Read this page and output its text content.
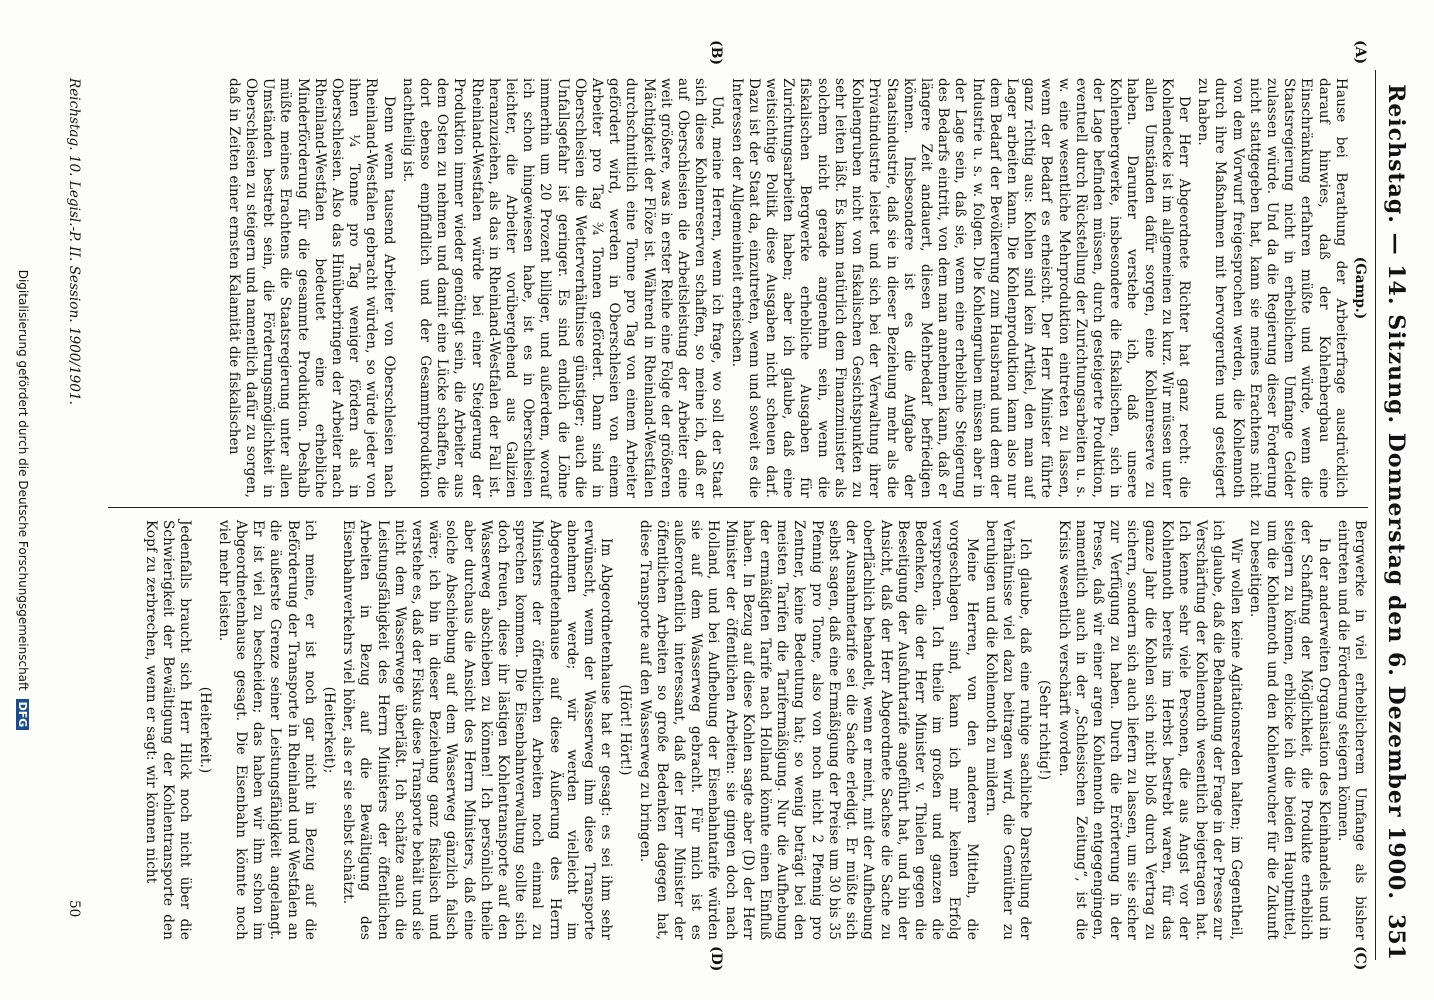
Reichstag. — 14. Sitzung. Donnerstag den 6. Dezember 1900.
351
(A)
(B)
(C)
(D)

(Gamp.)

Hause bei Berathung der Arbeiterfrage ausdrücklich darauf hinwies, daß der Kohlenbergbau eine Einschränkung erfahren müßte und würde, wenn die Staatsregierung nicht in erheblichem Umfange Gelder zulassen würde. Und da die Regierung dieser Forderung nicht stattgegeben hat, kann sie meines Erachtens nicht von dem Vorwurf freigesprochen werden, die Kohlennoth durch ihre Maßnahmen mit hervorgerufen und gesteigert zu haben.

Der Herr Abgeordnete Richter hat ganz recht: die Kohlendecke ist im allgemeinen zu kurz. Wir müssen unter allen Umständen dafür sorgen, eine Kohlenreserve zu haben. Darunter verstehe ich, daß unsere Kohlenbergwerke, insbesondere die fiskalischen, sich in der Lage befinden müssen, durch gesteigerte Produktion, eventuell durch Rückstellung der Zurichtungsarbeiten u. s. w. eine wesentliche Mehrproduktion eintreten zu lassen, wenn der Bedarf es erheischt. Der Herr Minister führte ganz richtig aus: Kohlen sind kein Artikel, den man auf Lager arbeiten kann. Die Kohlenproduktion kann also nur dem Bedarf der Bevölkerung zum Hausbrand und dem der Industrie u. s. w. folgen. Die Kohlengruben müssen aber in der Lage sein, daß sie, wenn eine erhebliche Steigerung des Bedarfs eintritt, von dem man annehmen kann, daß er längere Zeit andauert, diesen Mehrbedarf befriedigen können. Insbesondere ist es die Aufgabe der Staatsindustrie, daß sie in dieser Beziehung mehr als die Privatindustrie leistet und sich bei der Verwaltung ihrer Kohlengruben nicht von fiskalischen Gesichtspunkten zu sehr leiten läßt. Es kann natürlich dem Finanzminister als solchem nicht gerade angenehm sein, wenn die fiskalischen Bergwerke erhebliche Ausgaben für Zurichtungsarbeiten haben; aber ich glaube, daß eine weitsichtige Politik diese Ausgaben nicht scheuen darf. Dazu ist der Staat da, einzutreten, wenn und soweit es die Interessen der Allgemeinheit erheischen.

Und, meine Herren, wenn ich frage, wo soll der Staat sich diese Kohlenreserven schaffen, so meine ich, daß er auf Oberschlesien die Arbeitsleistung der Arbeiter eine weit größere, was in erster Reihe eine Folge der größeren Mächtigkeit der Flöze ist. Während in Rheinland-Westfalen durchschnittlich eine Tonne pro Tag von einem Arbeiter gefördert wird, werden in Oberschlesien von einem Arbeiter pro Tag ¾ Tonnen gefördert. Dann sind in Oberschlesien die Wetterverhältnisse günstiger; auch die Unfallsgefahr ist geringer. Es sind endlich die Löhne immerhin um 20 Prozent billiger, und außerdem, worauf ich schon hingewiesen habe, ist es in Oberschlesien leichter, die Arbeiter vorübergehend aus Galizien heranzuziehen, als das in Rheinland-Westfalen der Fall ist. Rheinland-Westfalen würde bei einer Steigerung der Produktion immer wieder genöthigt sein, die Arbeiter aus dem Osten zu nehmen und damit eine Lücke schaffen, die dort ebenso empfindlich und der Gesammtproduktion nachtheilig ist.

Denn wenn tausend Arbeiter von Oberschlesien nach Rheinland-Westfalen gebracht würden, so würde jeder von ihnen ¼ Tonne pro Tag weniger fördern als in Oberschlesien. Also das Hinüberbringen der Arbeiter nach Rheinland-Westfalen bedeutet eine erhebliche Minderförderung für die gesammte Produktion. Deshalb müßte meines Erachtens die Staatsregierung unter allen Umständen bestrebt sein, die Förderungsmöglichkeit in Oberschlesien zu steigern und namentlich dafür zu sorgen, daß in Zeiten einer ernsten Kalamität die fiskalischen

Bergwerke in viel erheblicherem Umfange als bisher eintreten und die Förderung steigern können.

In der anderweiten Organisation des Kleinhandels und in der Schaffung der Möglichkeit, die Produkte erheblich steigern zu können, erblicke ich die beiden Hauptmittel, um die Kohlennoth und den Kohlenwucher für die Zukunft zu beseitigen.

Wir wollen keine Agitationsreden halten; im Gegentheil, ich glaube, daß die Behandlung der Frage in der Presse zur Verschärfung der Kohlennoth wesentlich beigetragen hat. Ich kenne sehr viele Personen, die aus Angst vor der Kohlennoth bereits im Herbst bestrebt waren, für das ganze Jahr die Kohlen sich nicht bloß durch Vertrag zu sichern, sondern sich auch liefern zu lassen, um sie sicher zur Verfügung zu haben. Durch die Erörterung in der Presse, daß wir einer argen Kohlennoth entgegengingen, namentlich auch in der „Schlesischen Zeitung“, ist die Krisis wesentlich verschärft worden.

(Sehr richtig!)

Ich glaube, daß eine ruhige sachliche Darstellung der Verhältnisse viel dazu beitragen wird, die Gemüther zu beruhigen und die Kohlennoth zu mildern.

Meine Herren, von den anderen Mitteln, die vorgeschlagen sind, kann ich mir keinen Erfolg versprechen. Ich theile im großen und ganzen die Bedenken, die der Herr Minister v. Thielen gegen die Beseitigung der Ausfuhrtarife angeführt hat, und bin der Ansicht, daß der Herr Abgeordnete Sachse die Sache zu oberflächlich behandelt, wenn er meint, mit der Aufhebung der Ausnahmetarife sei die Sache erledigt. Er müßte sich selbst sagen, daß eine Ermäßigung der Preise um 30 bis 35 Pfennig pro Tonne, also von noch nicht 2 Pfennig pro Zentner, keine Bedeutung hat; so wenig beträgt bei den meisten Tarifen die Tarifermäßigung. Nur die Aufhebung der ermäßigten Tarife nach Holland könnte einen Einfluß haben. In Bezug auf diese Kohlen sagte aber (D) der Herr Minister der öffentlichen Arbeiten: sie gingen doch nach Holland, und bei Aufhebung der Eisenbahntarife würden sie auf dem Wasserweg gebracht. Für mich ist es außerordentlich interessant, daß der Herr Minister der öffentlichen Arbeiten so große Bedenken dagegen hat, diese Transporte auf den Wasserweg zu bringen.

(Hört! Hört!)

Im Abgeordnetenhause hat er gesagt: es sei ihm sehr erwünscht, wenn der Wasserweg ihm diese Transporte abnehmen werde; wir werden vielleicht im Abgeordnetenhause auf diese Äußerung des Herrn Ministers der öffentlichen Arbeiten noch einmal zu sprechen kommen. Die Eisenbahnverwaltung sollte sich doch freuen, diese ihr lästigen Kohlentransporte auf den Wasserweg abschieben zu können! Ich persönlich theile aber durchaus die Ansicht des Herrn Ministers, daß eine solche Abschiebung auf dem Wasserweg gänzlich falsch wäre; ich bin in dieser Beziehung ganz fiskalisch und verstehe es, daß der Fiskus diese Transporte behält und sie nicht dem Wasserwege überläßt. Ich schätze auch die Leistungsfähigkeit des Herrn Ministers der öffentlichen Arbeiten in Bezug auf die Bewältigung des Eisenbahnverkehrs viel höher, als er sie selbst schätzt.

(Heiterkeit);

ich meine, er ist noch gar nicht in Bezug auf die Beförderung der Transporte in Rheinland und Westfalen an die äußerste Grenze seiner Leistungsfähigkeit angelangt. Er ist viel zu bescheiden; das haben wir ihm schon im Abgeordnetenhause gesagt. Die Eisenbahn könnte noch viel mehr leisten.

(Heiterkeit.)

Jedenfalls braucht sich Herr Hilck noch nicht über die Schwierigkeit der Bewältigung der Kohlentransporte den Kopf zu zerbrechen, wenn er sagt: wir können nicht

Reichstag. 10. Legisl.-P. II. Session. 1900/1901.
50
Digitalisierung gefördert durch die Deutsche Forschungsgemeinschaft DFG
